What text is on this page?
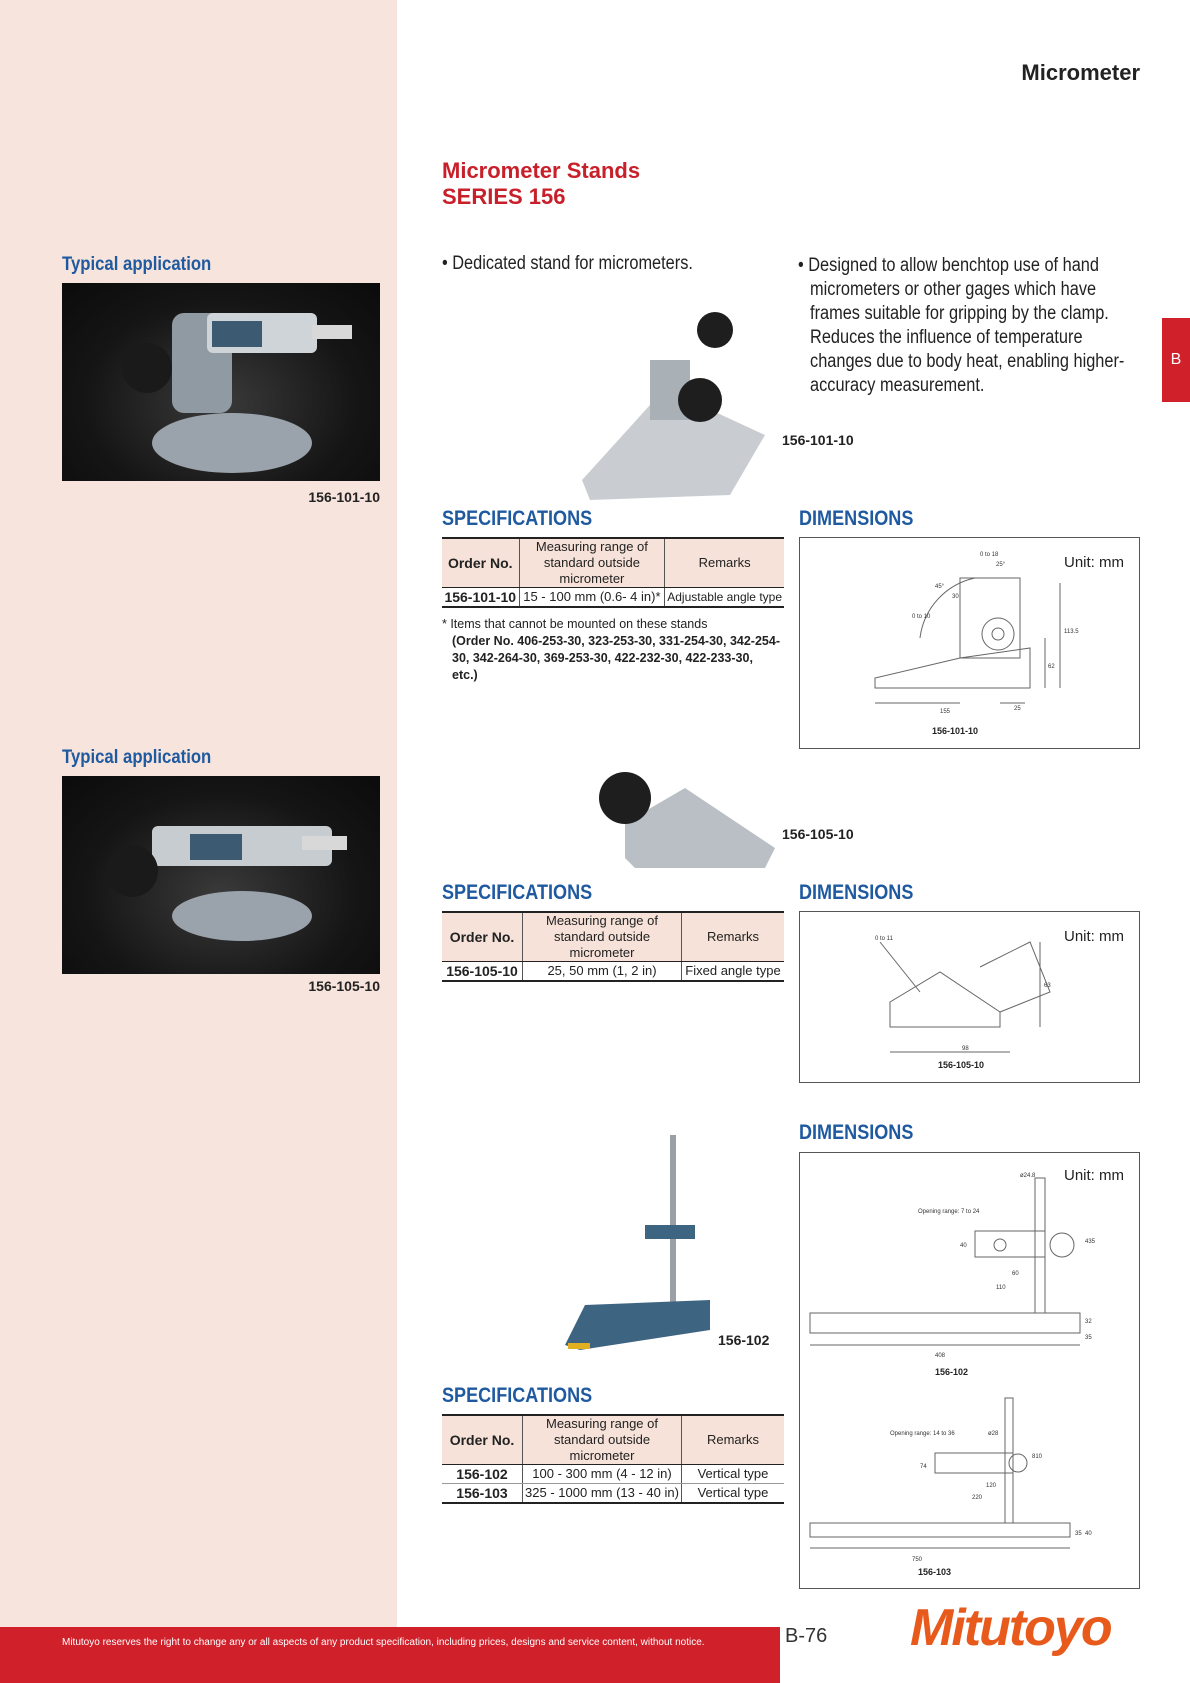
Micrometer
B
Micrometer Stands
SERIES 156
• Dedicated stand for micrometers.	• Designed to allow benchtop use of hand micrometers or other gages which have frames suitable for gripping by the clamp. Reduces the influence of temperature changes due to body heat, enabling higher-accuracy measurement.
Typical application
156-101-10
156-101-10
SPECIFICATIONS
Order No.	Measuring range of standard outside micrometer	Remarks
156-101-10	15 - 100 mm (0.6- 4 in)*	Adjustable angle type
* Items that cannot be mounted on these stands
(Order No. 406-253-30, 323-253-30, 331-254-30, 342-254-30, 342-264-30, 369-253-30, 422-232-30, 422-233-30, etc.)
DIMENSIONS
Unit: mm
0 to 18
25°
45°
30
0 to 10
113.5
62
155	25
156-101-10
Typical application
156-105-10
156-105-10
SPECIFICATIONS
Order No.	Measuring range of standard outside micrometer	Remarks
156-105-10	25, 50 mm (1, 2 in)	Fixed angle type
DIMENSIONS
Unit: mm
0 to 11
63
98
156-105-10
DIMENSIONS
Unit: mm
ø24.8
Opening range: 7 to 24
40
435
60
110
32
35
408
Opening range: 14 to 36	ø28
74
810
120
220
35 40
750
156-102
156-103
156-102
SPECIFICATIONS
Order No.	Measuring range of standard outside micrometer	Remarks
156-102	100 - 300 mm (4 - 12 in)	Vertical type
156-103	325 - 1000 mm (13 - 40 in)	Vertical type
Mitutoyo reserves the right to change any or all aspects of any product specification, including prices, designs and service content, without notice.	B-76 Mitutoyo
